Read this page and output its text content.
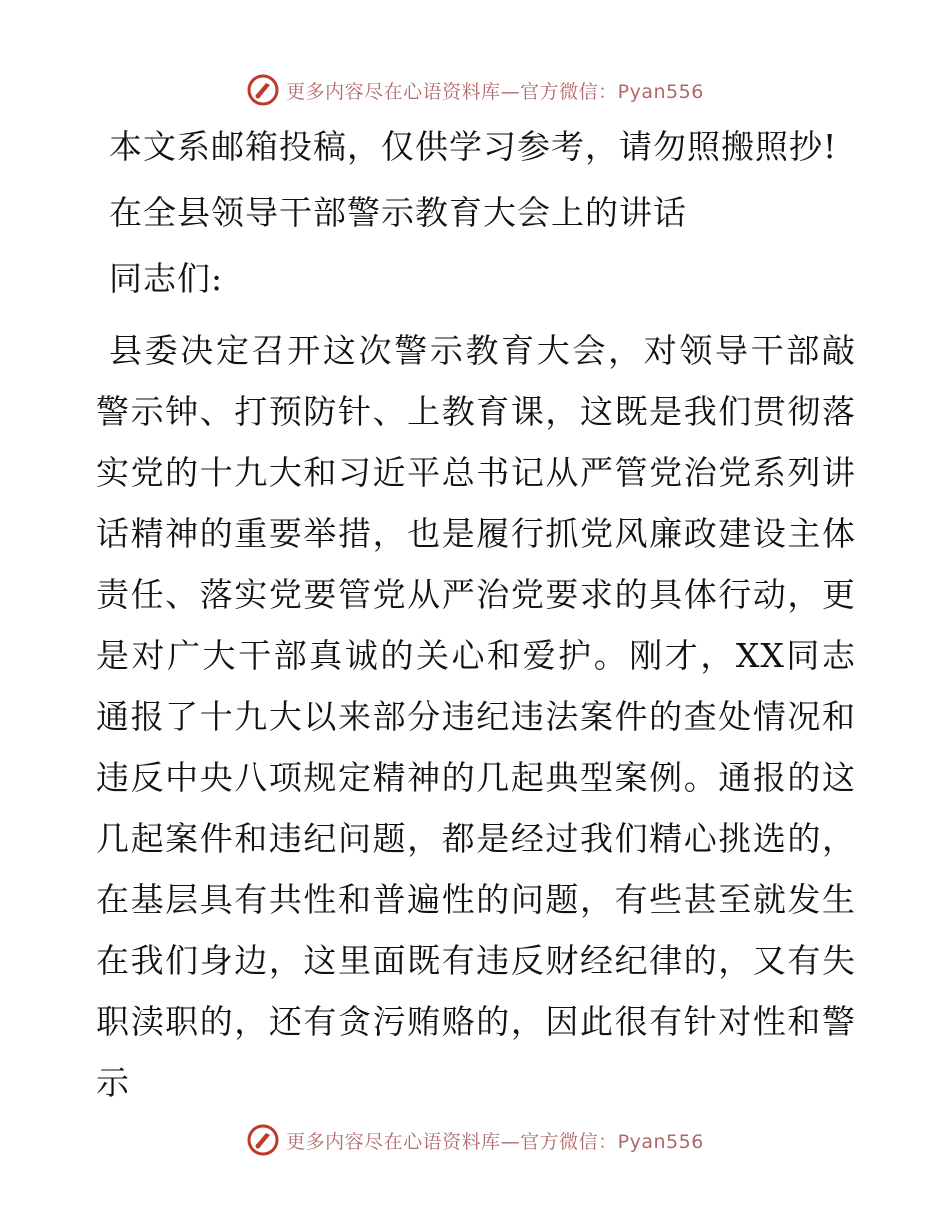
更多内容尽在心语资料库—官方微信：Pyan556

本文系邮箱投稿，仅供学习参考，请勿照搬照抄!

在全县领导干部警示教育大会上的讲话

同志们:

县委决定召开这次警示教育大会，对领导干部敲警示钟、打预防针、上教育课，这既是我们贯彻落实党的十九大和习近平总书记从严管党治党系列讲话精神的重要举措，也是履行抓党风廉政建设主体责任、落实党要管党从严治党要求的具体行动，更是对广大干部真诚的关心和爱护。刚才，XX同志通报了十九大以来部分违纪违法案件的查处情况和违反中央八项规定精神的几起典型案例。通报的这几起案件和违纪问题，都是经过我们精心挑选的，在基层具有共性和普遍性的问题，有些甚至就发生在我们身边，这里面既有违反财经纪律的，又有失职渎职的，还有贪污贿赂的，因此很有针对性和警示

更多内容尽在心语资料库—官方微信：Pyan556
